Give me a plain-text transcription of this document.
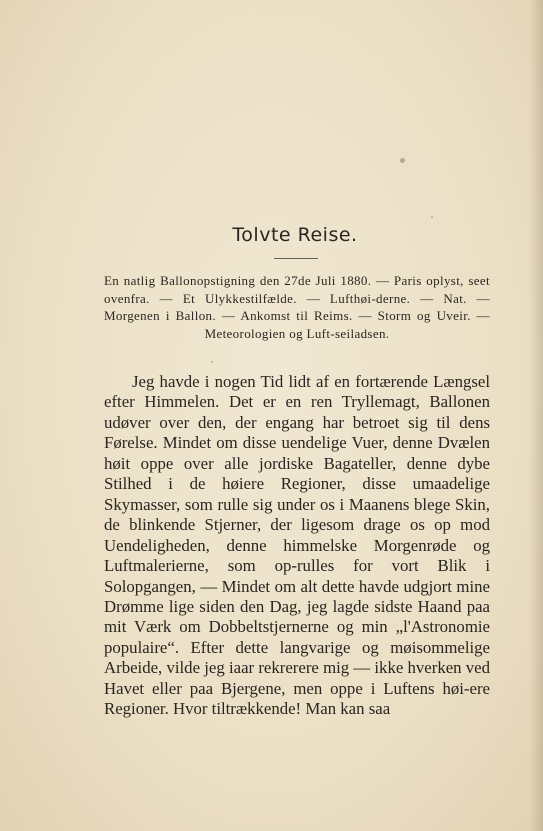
Tolvte Reise.

En natlig Ballonopstigning den 27de Juli 1880. — Paris oplyst, seet ovenfra. — Et Ulykkestilfælde. — Lufthøi-derne. — Nat. — Morgenen i Ballon. — Ankomst til Reims. — Storm og Uveir. — Meteorologien og Luft-seiladsen.

Jeg havde i nogen Tid lidt af en fortærende Længsel efter Himmelen. Det er en ren Tryllemagt, Ballonen udøver over den, der engang har betroet sig til dens Førelse. Mindet om disse uendelige Vuer, denne Dvælen høit oppe over alle jordiske Bagateller, denne dybe Stilhed i de høiere Regioner, disse umaadelige Skymasser, som rulle sig under os i Maanens blege Skin, de blinkende Stjerner, der ligesom drage os op mod Uendeligheden, denne himmelske Morgenrøde og Luftmalerierne, som op-rulles for vort Blik i Solopgangen, — Mindet om alt dette havde udgjort mine Drømme lige siden den Dag, jeg lagde sidste Haand paa mit Værk om Dobbeltstjernerne og min „l'Astronomie populaire“. Efter dette langvarige og møisommelige Arbeide, vilde jeg iaar rekrerere mig — ikke hverken ved Havet eller paa Bjergene, men oppe i Luftens høi-ere Regioner. Hvor tiltrækkende! Man kan saa
